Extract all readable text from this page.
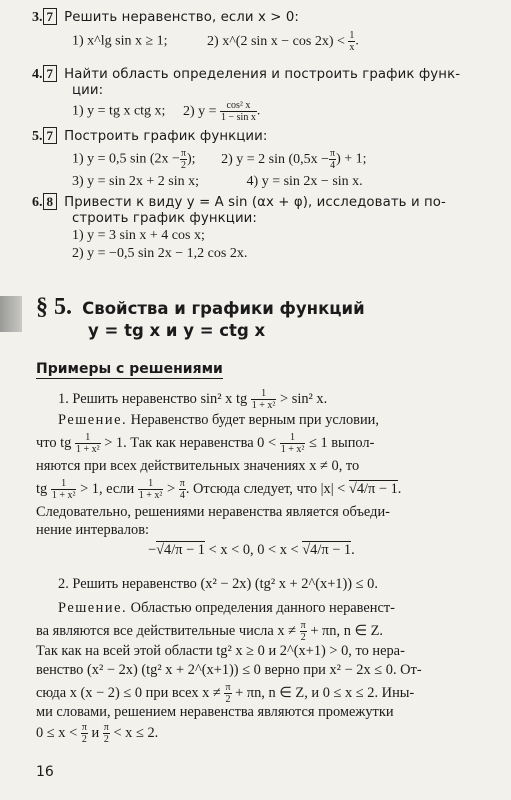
3. 7 Решить неравенство, если x > 0:
1) x^lg sin x ≥ 1;	2) x^(2 $\sin x - \cos 2x) < \frac{1}{x}$ .
4. 7 Найти область определения и построить график функ-
ции:
1) y = tg x ctg x; 2) $y = \frac{\text{cos² x}}{\text{1 − sin x}}$ .
5. 7 Построить график функции:
1) y = 0,5 $\sin (2x - \frac{\pi}{2}$ ); 2) y = 2 $\sin (0,5x - \frac{\pi}{4}$ ) + 1;
3) y = sin 2x + 2 sin x;	4) y = sin 2x − sin x.
6. 8 Привести к виду y = A sin (αx + φ), исследовать и по-
строить график функции:
1) y = 3 sin x + 4 cos x;
2) y = −0,5 sin 2x − 1,2 cos 2x.
§ 5. Свойства и графики функций
y = tg x и y = ctg x
Примеры с решениями
1. Решить неравенство sin² x tg $\frac{1}{\text{1 + x²}} > \sin^2$ x.
Решение. Неравенство будет верным при условии,
что tg $\frac{1}{\text{1 + x²}} > 1$. Так как неравенства $0 < \frac{1}{\text{1 + x²}} \le 1$ выпол-
няются при всех действительных значениях x ≠ 0, то
tg $\frac{1}{\text{1 + x²}} > 1$, если $\frac{1}{\text{1 + x²}} > \frac{\pi}{4}$ . Отсюда следует, что |x| < √4/π − 1.
Следовательно, решениями неравенства является объеди-
нение интервалов:
−√4/π − 1 < x < 0, 0 < x < √4/π − 1.
2. Решить неравенство (x² − 2x) (tg² x + 2^(x+1)) ≤ 0.
Решение. Областью определения данного неравенст-
ва являются все действительные числа $x \ne \frac{\pi}{2} + \pi n$, n ∈ Z.
Так как на всей этой области tg² x ≥ 0 и 2^(x+1) > 0, то нера-
венство (x² − 2x) (tg² x + 2^(x+1)) ≤ 0 верно при x² − 2x ≤ 0. От-
сюда x (x − 2) ≤ 0 при всех $x \ne \frac{\pi}{2} + \pi n$, n ∈ Z, и 0 ≤ x ≤ 2. Ины-
ми словами, решением неравенства являются промежутки
$0 \le x < \frac{\pi}{2}$ и $\frac{\pi}{2} < x \le 2$.
16
